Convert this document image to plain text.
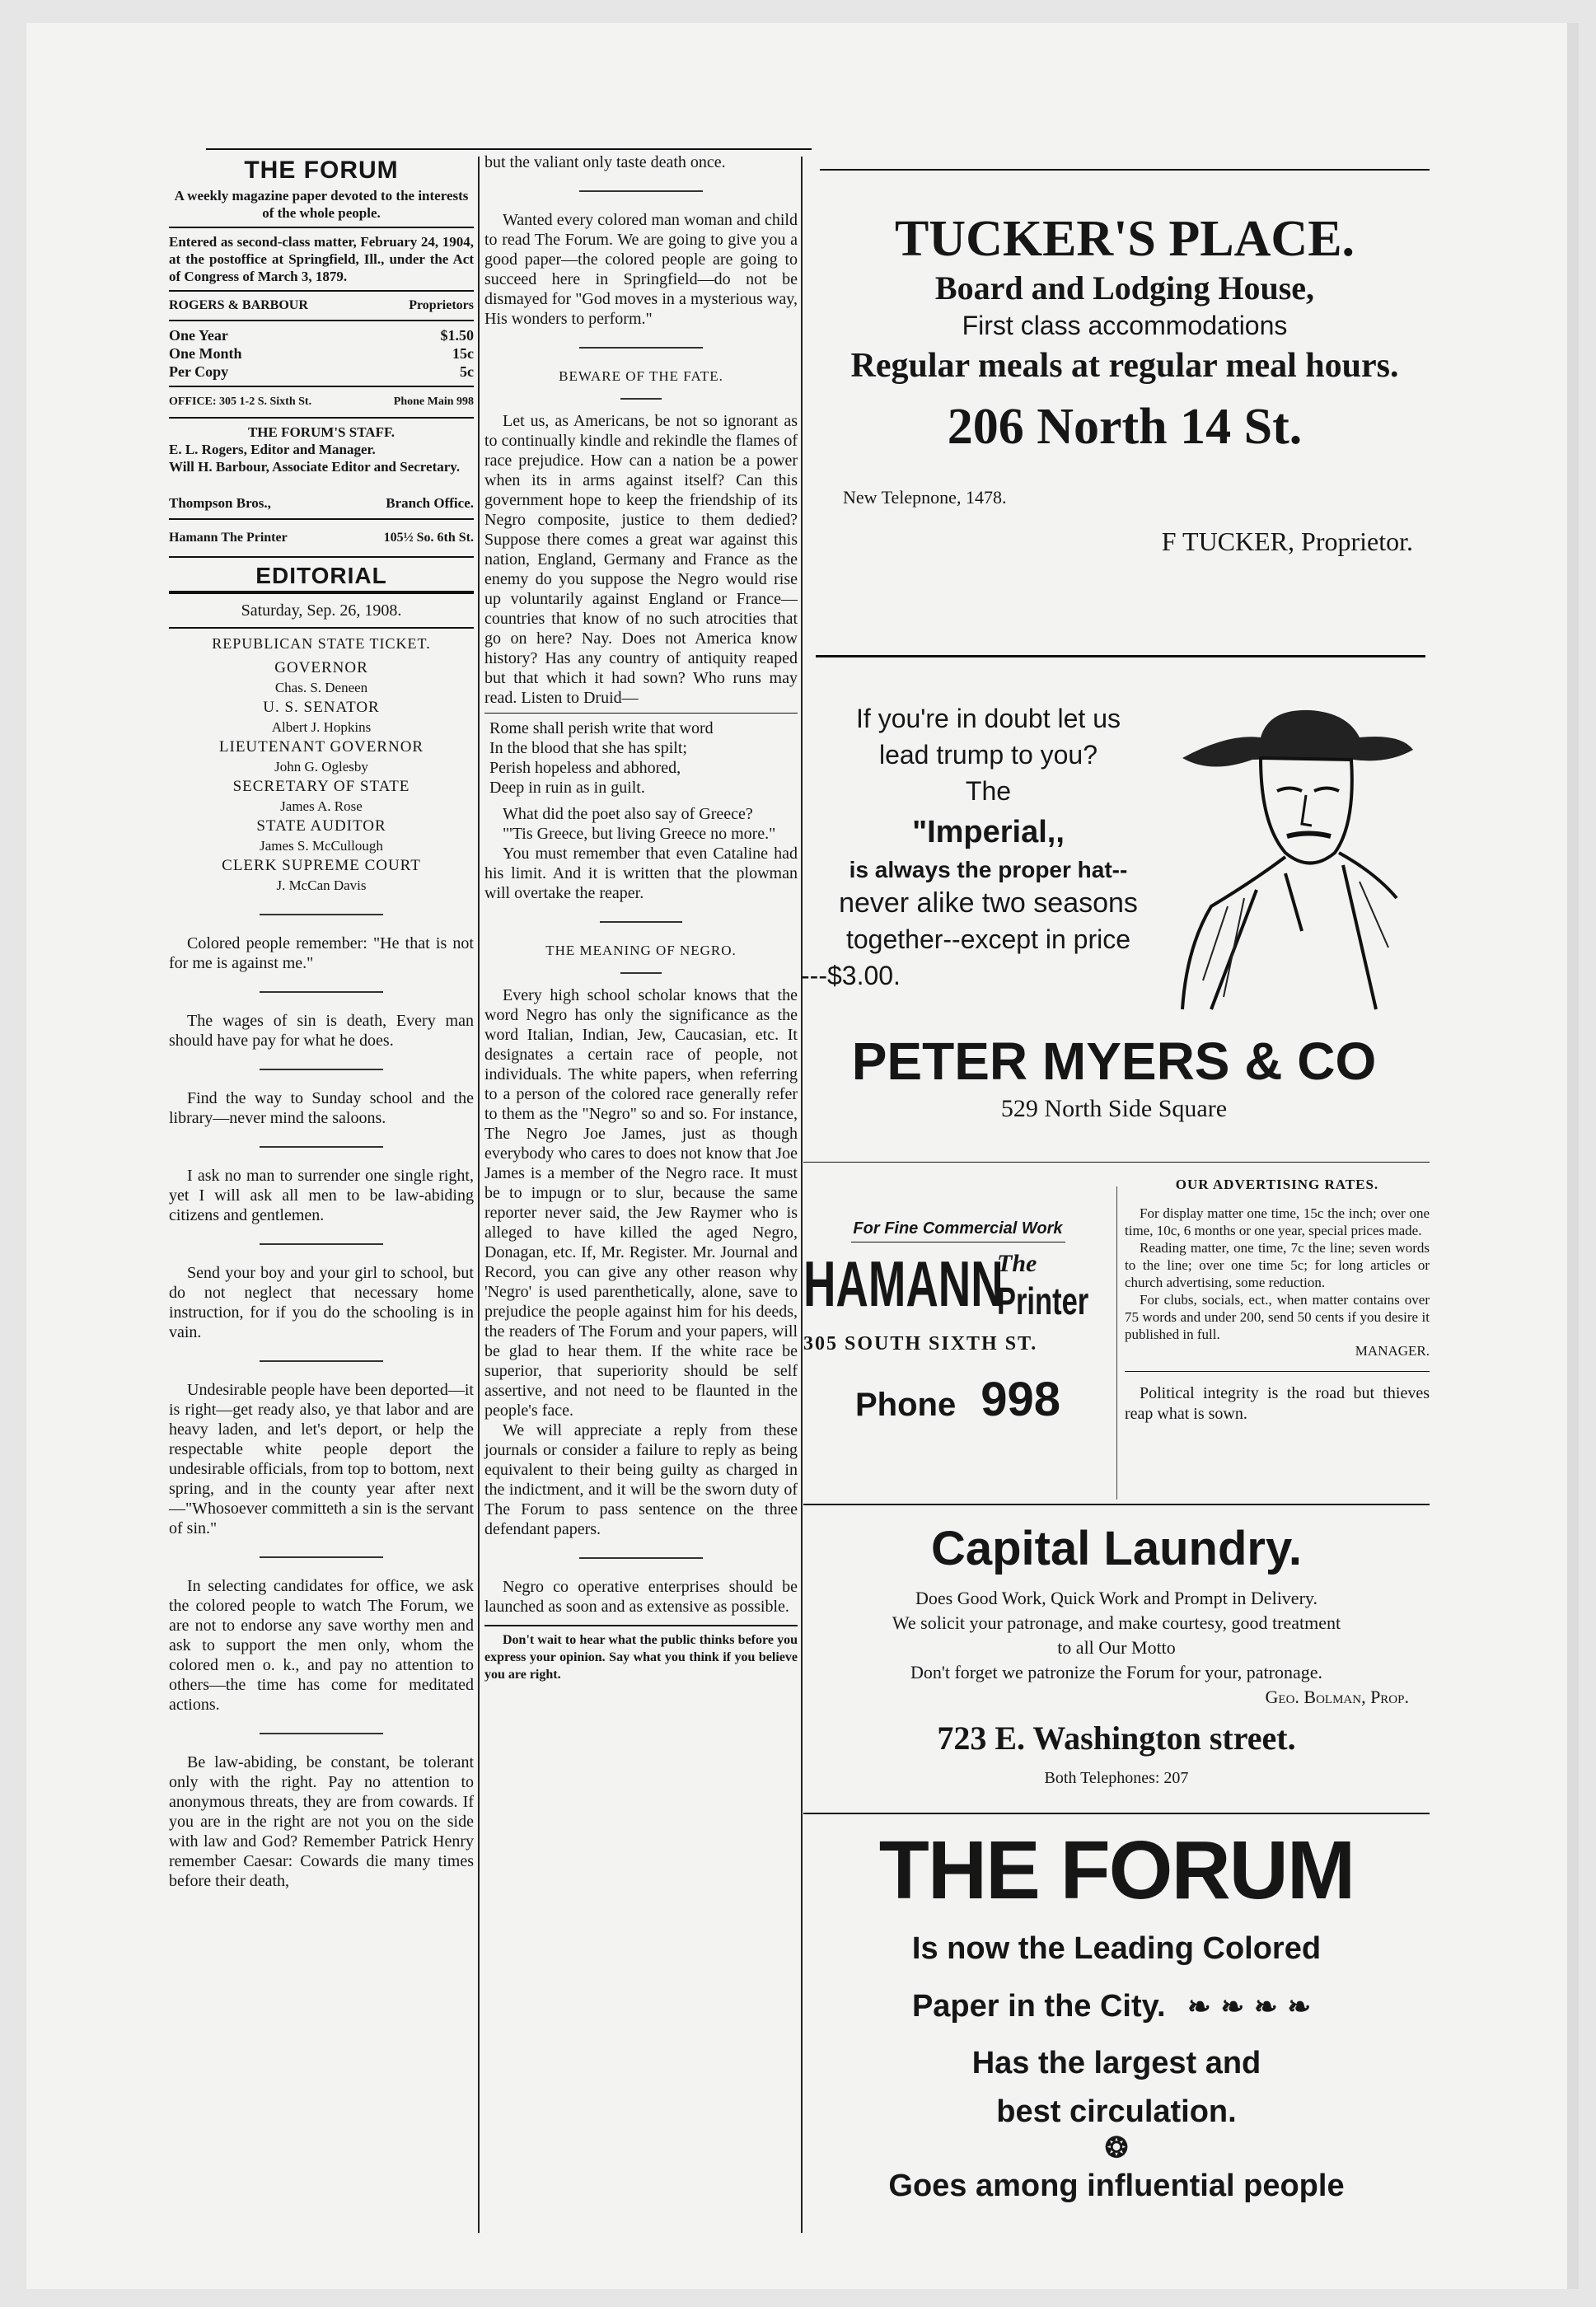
THE FORUM
A weekly magazine paper devoted to the interests of the whole people.
Entered as second-class matter, February 24, 1904, at the postoffice at Springfield, Ill., under the Act of Congress of March 3, 1879.
ROGERS & BARBOUR	Proprietors
One Year	$1.50
One Month	15c
Per Copy	5c
OFFICE: 305 1-2 S. Sixth St.	Phone Main 998
THE FORUM'S STAFF.
E. L. Rogers, Editor and Manager.
Will H. Barbour, Associate Editor and Secretary.
Thompson Bros.,	Branch Office.
Hamann The Printer	105½ So. 6th St.
EDITORIAL
Saturday, Sep. 26, 1908.
REPUBLICAN STATE TICKET.
GOVERNOR
Chas. S. Deneen
U. S. SENATOR
Albert J. Hopkins
LIEUTENANT GOVERNOR
John G. Oglesby
SECRETARY OF STATE
James A. Rose
STATE AUDITOR
James S. McCullough
CLERK SUPREME COURT
J. McCan Davis

Colored people remember: "He that is not for me is against me."

The wages of sin is death, Every man should have pay for what he does.

Find the way to Sunday school and the library—never mind the saloons.

I ask no man to surrender one single right, yet I will ask all men to be law-abiding citizens and gentlemen.

Send your boy and your girl to school, but do not neglect that necessary home instruction, for if you do the schooling is in vain.

Undesirable people have been deported—it is right—get ready also, ye that labor and are heavy laden, and let's deport, or help the respectable white people deport the undesirable officials, from top to bottom, next spring, and in the county year after next—"Whosoever committeth a sin is the servant of sin."

In selecting candidates for office, we ask the colored people to watch The Forum, we are not to endorse any save worthy men and ask to support the men only, whom the colored men o. k., and pay no attention to others—the time has come for meditated actions.

Be law-abiding, be constant, be tolerant only with the right. Pay no attention to anonymous threats, they are from cowards. If you are in the right are not you on the side with law and God? Remember Patrick Henry remember Caesar: Cowards die many times before their death,

but the valiant only taste death once.

Wanted every colored man woman and child to read The Forum. We are going to give you a good paper—the colored people are going to succeed here in Springfield—do not be dismayed for "God moves in a mysterious way, His wonders to perform."

BEWARE OF THE FATE.

Let us, as Americans, be not so ignorant as to continually kindle and rekindle the flames of race prejudice. How can a nation be a power when its in arms against itself? Can this government hope to keep the friendship of its Negro composite, justice to them dedied? Suppose there comes a great war against this nation, England, Germany and France as the enemy do you suppose the Negro would rise up voluntarily against England or France—countries that know of no such atrocities that go on here? Nay. Does not America know history? Has any country of antiquity reaped but that which it had sown? Who runs may read. Listen to Druid—

Rome shall perish write that word
In the blood that she has spilt;
Perish hopeless and abhored,
Deep in ruin as in guilt.

What did the poet also say of Greece?

"'Tis Greece, but living Greece no more."

You must remember that even Cataline had his limit. And it is written that the plowman will overtake the reaper.

THE MEANING OF NEGRO.

Every high school scholar knows that the word Negro has only the significance as the word Italian, Indian, Jew, Caucasian, etc. It designates a certain race of people, not individuals. The white papers, when referring to a person of the colored race generally refer to them as the "Negro" so and so. For instance, The Negro Joe James, just as though everybody who cares to does not know that Joe James is a member of the Negro race. It must be to impugn or to slur, because the same reporter never said, the Jew Raymer who is alleged to have killed the aged Negro, Donagan, etc. If, Mr. Register. Mr. Journal and Record, you can give any other reason why 'Negro' is used parenthetically, alone, save to prejudice the people against him for his deeds, the readers of The Forum and your papers, will be glad to hear them. If the white race be superior, that superiority should be self assertive, and not need to be flaunted in the people's face.

We will appreciate a reply from these journals or consider a failure to reply as being equivalent to their being guilty as charged in the indictment, and it will be the sworn duty of The Forum to pass sentence on the three defendant papers.

Negro co operative enterprises should be launched as soon and as extensive as possible.

Don't wait to hear what the public thinks before you express your opinion. Say what you think if you believe you are right.

TUCKER'S PLACE.
Board and Lodging House,
First class accommodations
Regular meals at regular meal hours.
206 North 14 St.
New Telepnone, 1478.
F TUCKER, Proprietor.
If you're in doubt let us
lead trump to you?
The
"Imperial,,
is always the proper hat--
never alike two seasons
together--except in price
---$3.00.
PETER MYERS & CO
529 North Side Square
For Fine Commercial Work
HAMANN
The
Printer
305 SOUTH SIXTH ST.
Phone 998
OUR ADVERTISING RATES.

For display matter one time, 15c the inch; over one time, 10c, 6 months or one year, special prices made.

Reading matter, one time, 7c the line; seven words to the line; over one time 5c; for long articles or church advertising, some reduction.

For clubs, socials, ect., when matter contains over 75 words and under 200, send 50 cents if you desire it published in full.

MANAGER.

Political integrity is the road but thieves reap what is sown.

Capital Laundry.
Does Good Work, Quick Work and Prompt in Delivery.
We solicit your patronage, and make courtesy, good treatment
to all Our Motto
Don't forget we patronize the Forum for your, patronage.
Geo. Bolman, Prop.
723 E. Washington street.
Both Telephones: 207
THE FORUM
Is now the Leading Colored
Paper in the City. ❧❧❧❧
Has the largest and
best circulation.
❂
Goes among influential people
